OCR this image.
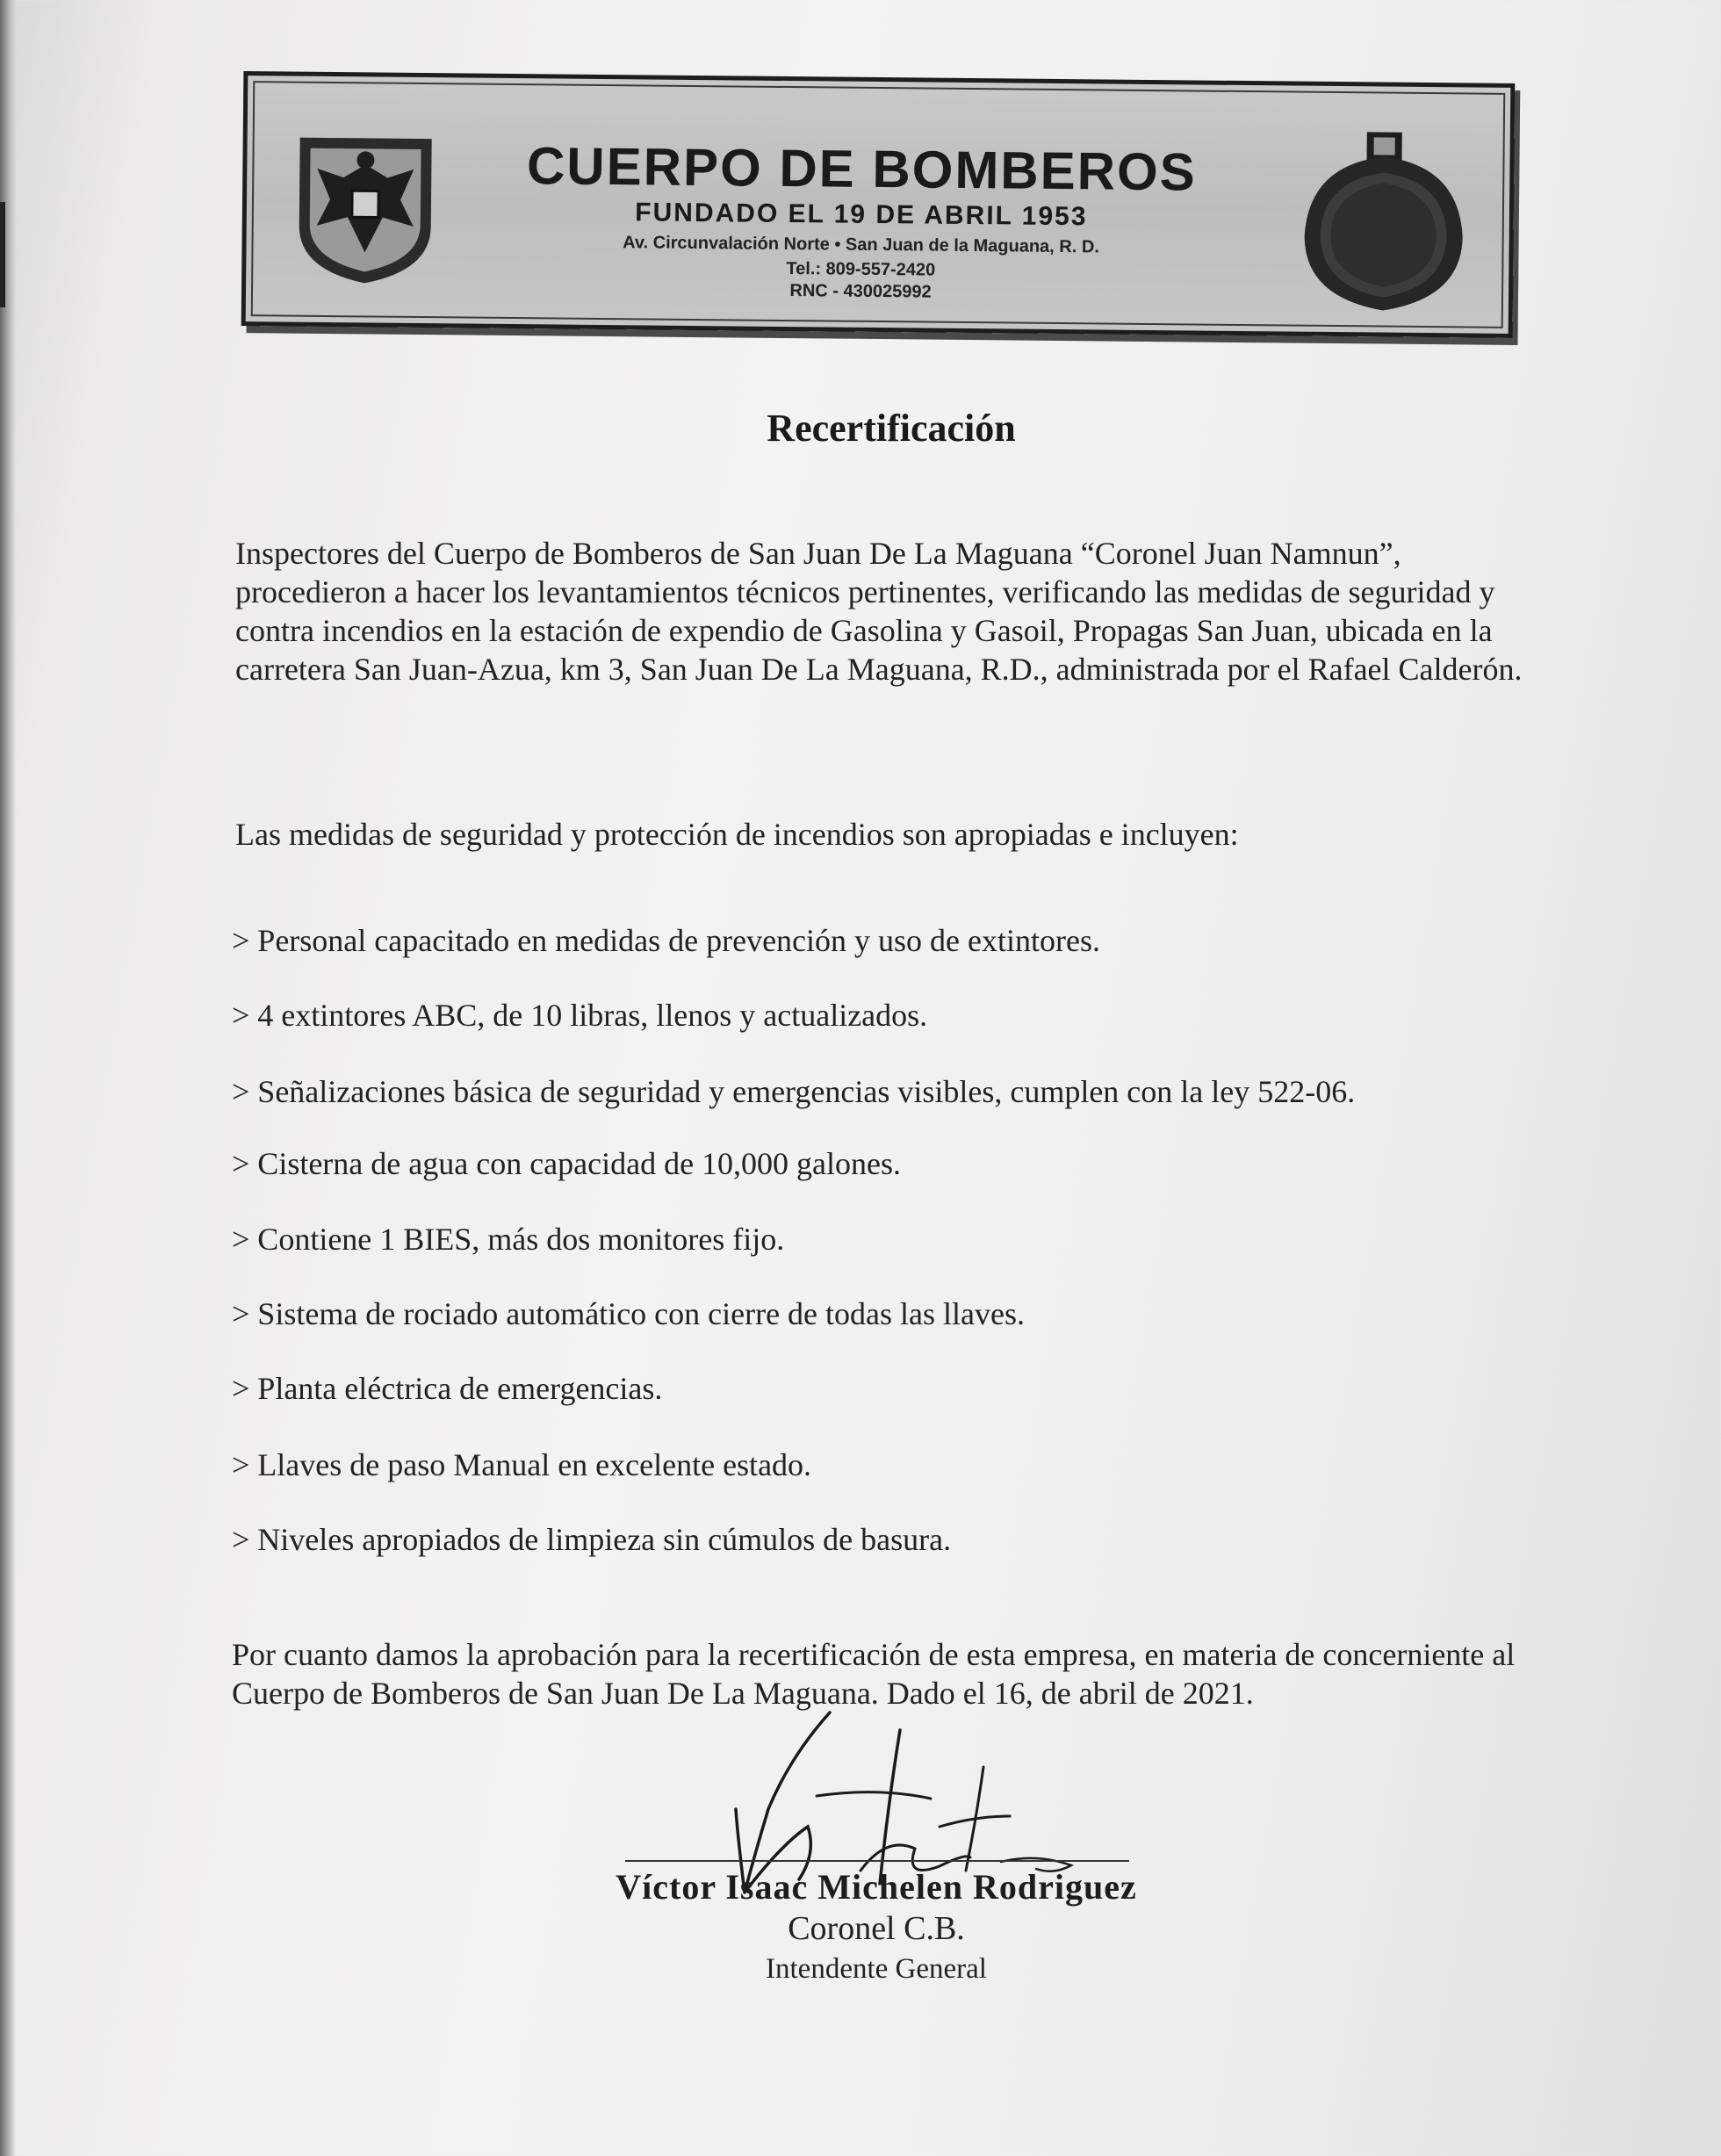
CUERPO DE BOMBEROS
FUNDADO EL 19 DE ABRIL 1953
Av. Circunvalación Norte • San Juan de la Maguana, R. D.
Tel.: 809-557-2420
RNC - 430025992
Recertificación
Inspectores del Cuerpo de Bomberos de San Juan De La Maguana “Coronel Juan Namnun”, procedieron a hacer los levantamientos técnicos pertinentes, verificando las medidas de seguridad y contra incendios en la estación de expendio de Gasolina y Gasoil, Propagas San Juan, ubicada en la carretera San Juan-Azua, km 3, San Juan De La Maguana, R.D., administrada por el Rafael Calderón.
Las medidas de seguridad y protección de incendios son apropiadas e incluyen:
> Personal capacitado en medidas de prevención y uso de extintores.
> 4 extintores ABC, de 10 libras, llenos y actualizados.
> Señalizaciones básica de seguridad y emergencias visibles, cumplen con la ley 522-06.
> Cisterna de agua con capacidad de 10,000 galones.
> Contiene 1 BIES, más dos monitores fijo.
> Sistema de rociado automático con cierre de todas las llaves.
> Planta eléctrica de emergencias.
> Llaves de paso Manual en excelente estado.
> Niveles apropiados de limpieza sin cúmulos de basura.
Por cuanto damos la aprobación para la recertificación de esta empresa, en materia de concerniente al Cuerpo de Bomberos de San Juan De La Maguana. Dado el 16, de abril de 2021.
Víctor Isaac Michelen Rodriguez
Coronel C.B.
Intendente General
